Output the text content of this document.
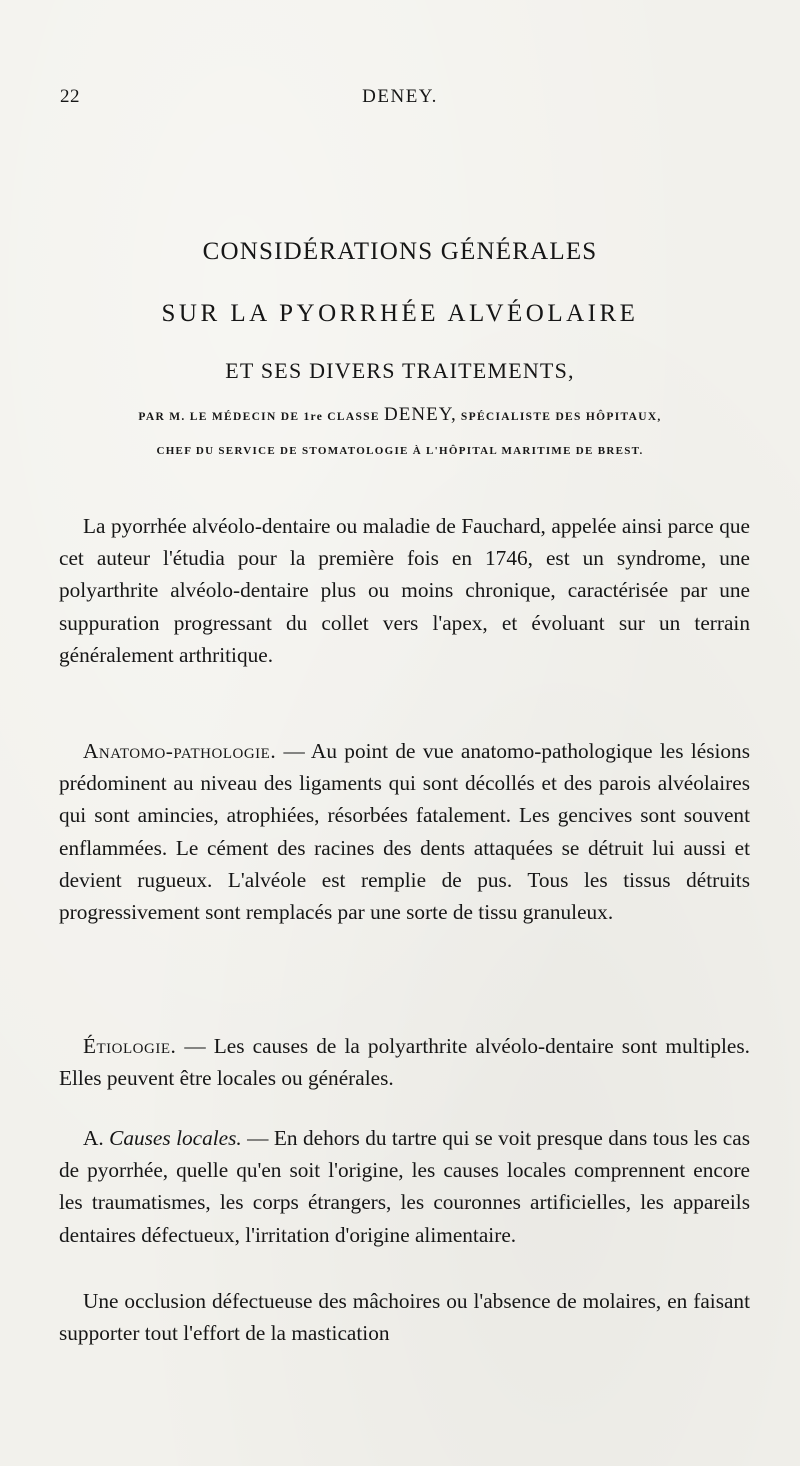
22	DENEY.
CONSIDÉRATIONS GÉNÉRALES
SUR LA PYORRHÉE ALVÉOLAIRE
ET SES DIVERS TRAITEMENTS,
PAR M. LE MÉDECIN DE 1re CLASSE DENEY, SPÉCIALISTE DES HÔPITAUX,
CHEF DU SERVICE DE STOMATOLOGIE À L'HÔPITAL MARITIME DE BREST.

La pyorrhée alvéolo-dentaire ou maladie de Fauchard, appelée ainsi parce que cet auteur l'étudia pour la première fois en 1746, est un syndrome, une polyarthrite alvéolo-dentaire plus ou moins chronique, caractérisée par une suppuration progressant du collet vers l'apex, et évoluant sur un terrain généralement arthritique.

Anatomo-pathologie. — Au point de vue anatomo-pathologique les lésions prédominent au niveau des ligaments qui sont décollés et des parois alvéolaires qui sont amincies, atrophiées, résorbées fatalement. Les gencives sont souvent enflammées. Le cément des racines des dents attaquées se détruit lui aussi et devient rugueux. L'alvéole est remplie de pus. Tous les tissus détruits progressivement sont remplacés par une sorte de tissu granuleux.

Étiologie. — Les causes de la polyarthrite alvéolo-dentaire sont multiples. Elles peuvent être locales ou générales.

A. Causes locales. — En dehors du tartre qui se voit presque dans tous les cas de pyorrhée, quelle qu'en soit l'origine, les causes locales comprennent encore les traumatismes, les corps étrangers, les couronnes artificielles, les appareils dentaires défectueux, l'irritation d'origine alimentaire.

Une occlusion défectueuse des mâchoires ou l'absence de molaires, en faisant supporter tout l'effort de la mastication
